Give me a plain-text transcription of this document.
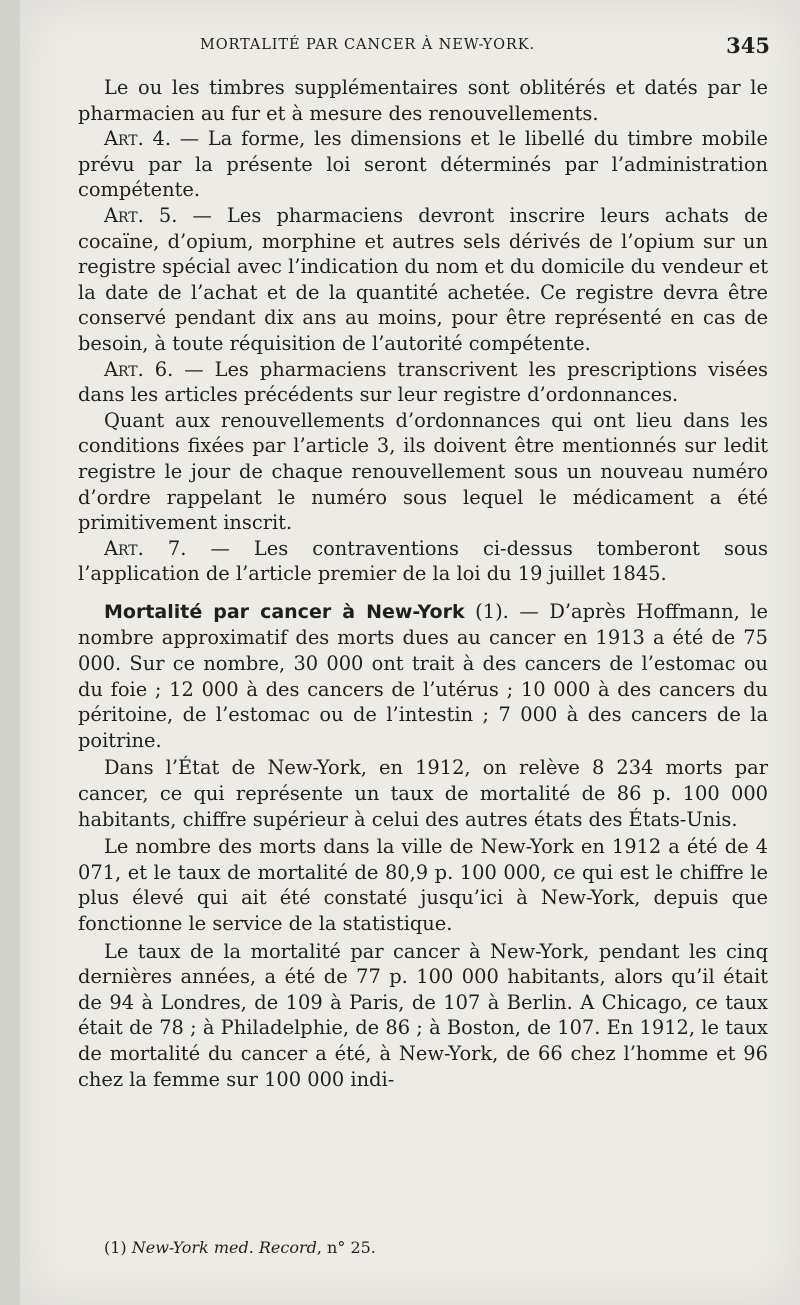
MORTALITÉ PAR CANCER À NEW-YORK.	345

Le ou les timbres supplémentaires sont oblitérés et datés par le pharmacien au fur et à mesure des renouvellements.

Art. 4. — La forme, les dimensions et le libellé du timbre mobile prévu par la présente loi seront déterminés par l’administration compétente.

Art. 5. — Les pharmaciens devront inscrire leurs achats de cocaïne, d’opium, morphine et autres sels dérivés de l’opium sur un registre spécial avec l’indication du nom et du domicile du vendeur et la date de l’achat et de la quantité achetée. Ce registre devra être conservé pendant dix ans au moins, pour être représenté en cas de besoin, à toute réquisition de l’autorité compétente.

Art. 6. — Les pharmaciens transcrivent les prescriptions visées dans les articles précédents sur leur registre d’ordonnances.

Quant aux renouvellements d’ordonnances qui ont lieu dans les conditions fixées par l’article 3, ils doivent être mentionnés sur ledit registre le jour de chaque renouvellement sous un nouveau numéro d’ordre rappelant le numéro sous lequel le médicament a été primitivement inscrit.

Art. 7. — Les contraventions ci-dessus tomberont sous l’application de l’article premier de la loi du 19 juillet 1845.

Mortalité par cancer à New-York (1). — D’après Hoffmann, le nombre approximatif des morts dues au cancer en 1913 a été de 75 000. Sur ce nombre, 30 000 ont trait à des cancers de l’estomac ou du foie ; 12 000 à des cancers de l’utérus ; 10 000 à des cancers du péritoine, de l’estomac ou de l’intestin ; 7 000 à des cancers de la poitrine.

Dans l’État de New-York, en 1912, on relève 8 234 morts par cancer, ce qui représente un taux de mortalité de 86 p. 100 000 habitants, chiffre supérieur à celui des autres états des États-Unis.

Le nombre des morts dans la ville de New-York en 1912 a été de 4 071, et le taux de mortalité de 80,9 p. 100 000, ce qui est le chiffre le plus élevé qui ait été constaté jusqu’ici à New-York, depuis que fonctionne le service de la statistique.

Le taux de la mortalité par cancer à New-York, pendant les cinq dernières années, a été de 77 p. 100 000 habitants, alors qu’il était de 94 à Londres, de 109 à Paris, de 107 à Berlin. A Chicago, ce taux était de 78 ; à Philadelphie, de 86 ; à Boston, de 107. En 1912, le taux de mortalité du cancer a été, à New-York, de 66 chez l’homme et 96 chez la femme sur 100 000 indi-

(1) New-York med. Record, n° 25.
